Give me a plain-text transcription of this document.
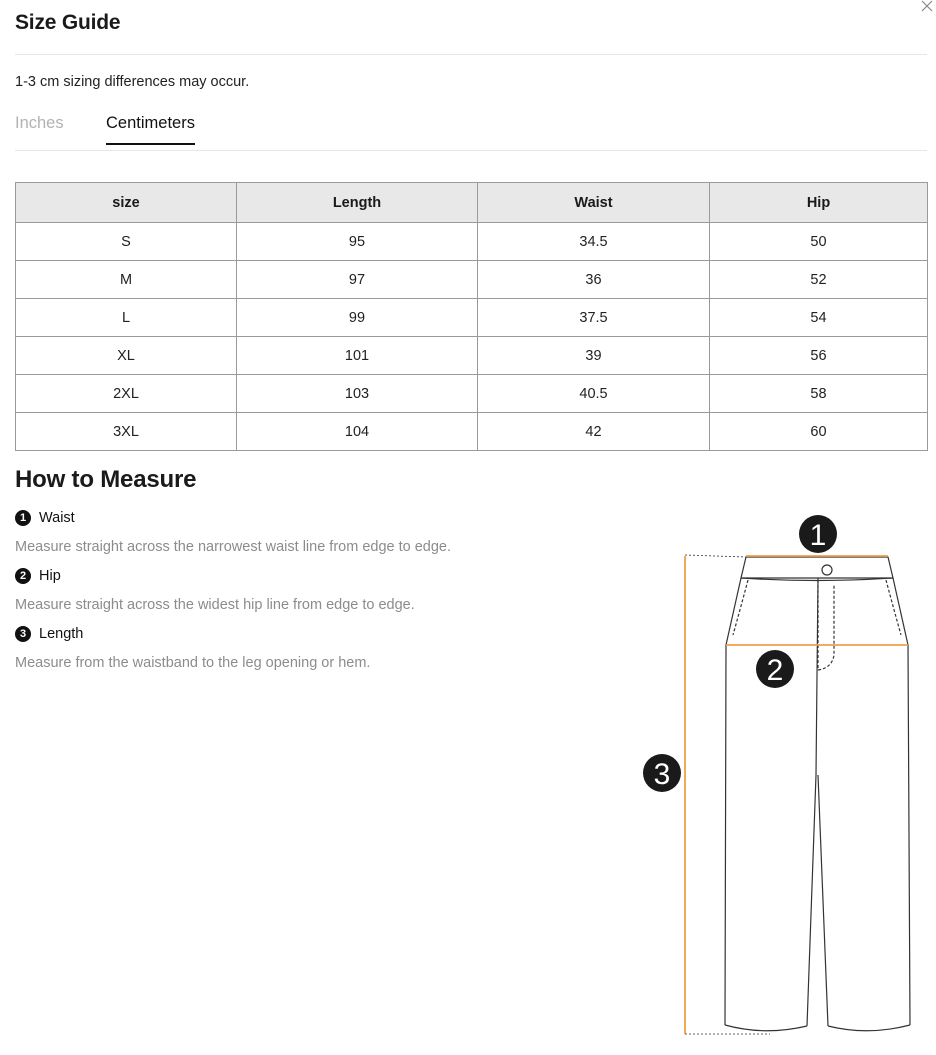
Size Guide
1-3 cm sizing differences may occur.
Inches	Centimeters
size	Length	Waist	Hip
S	95	34.5	50
M	97	36	52
L	99	37.5	54
XL	101	39	56
2XL	103	40.5	58
3XL	104	42	60
How to Measure
1 Waist
Measure straight across the narrowest waist line from edge to edge.
2 Hip
Measure straight across the widest hip line from edge to edge.
3 Length
Measure from the waistband to the leg opening or hem.
1
2
3
